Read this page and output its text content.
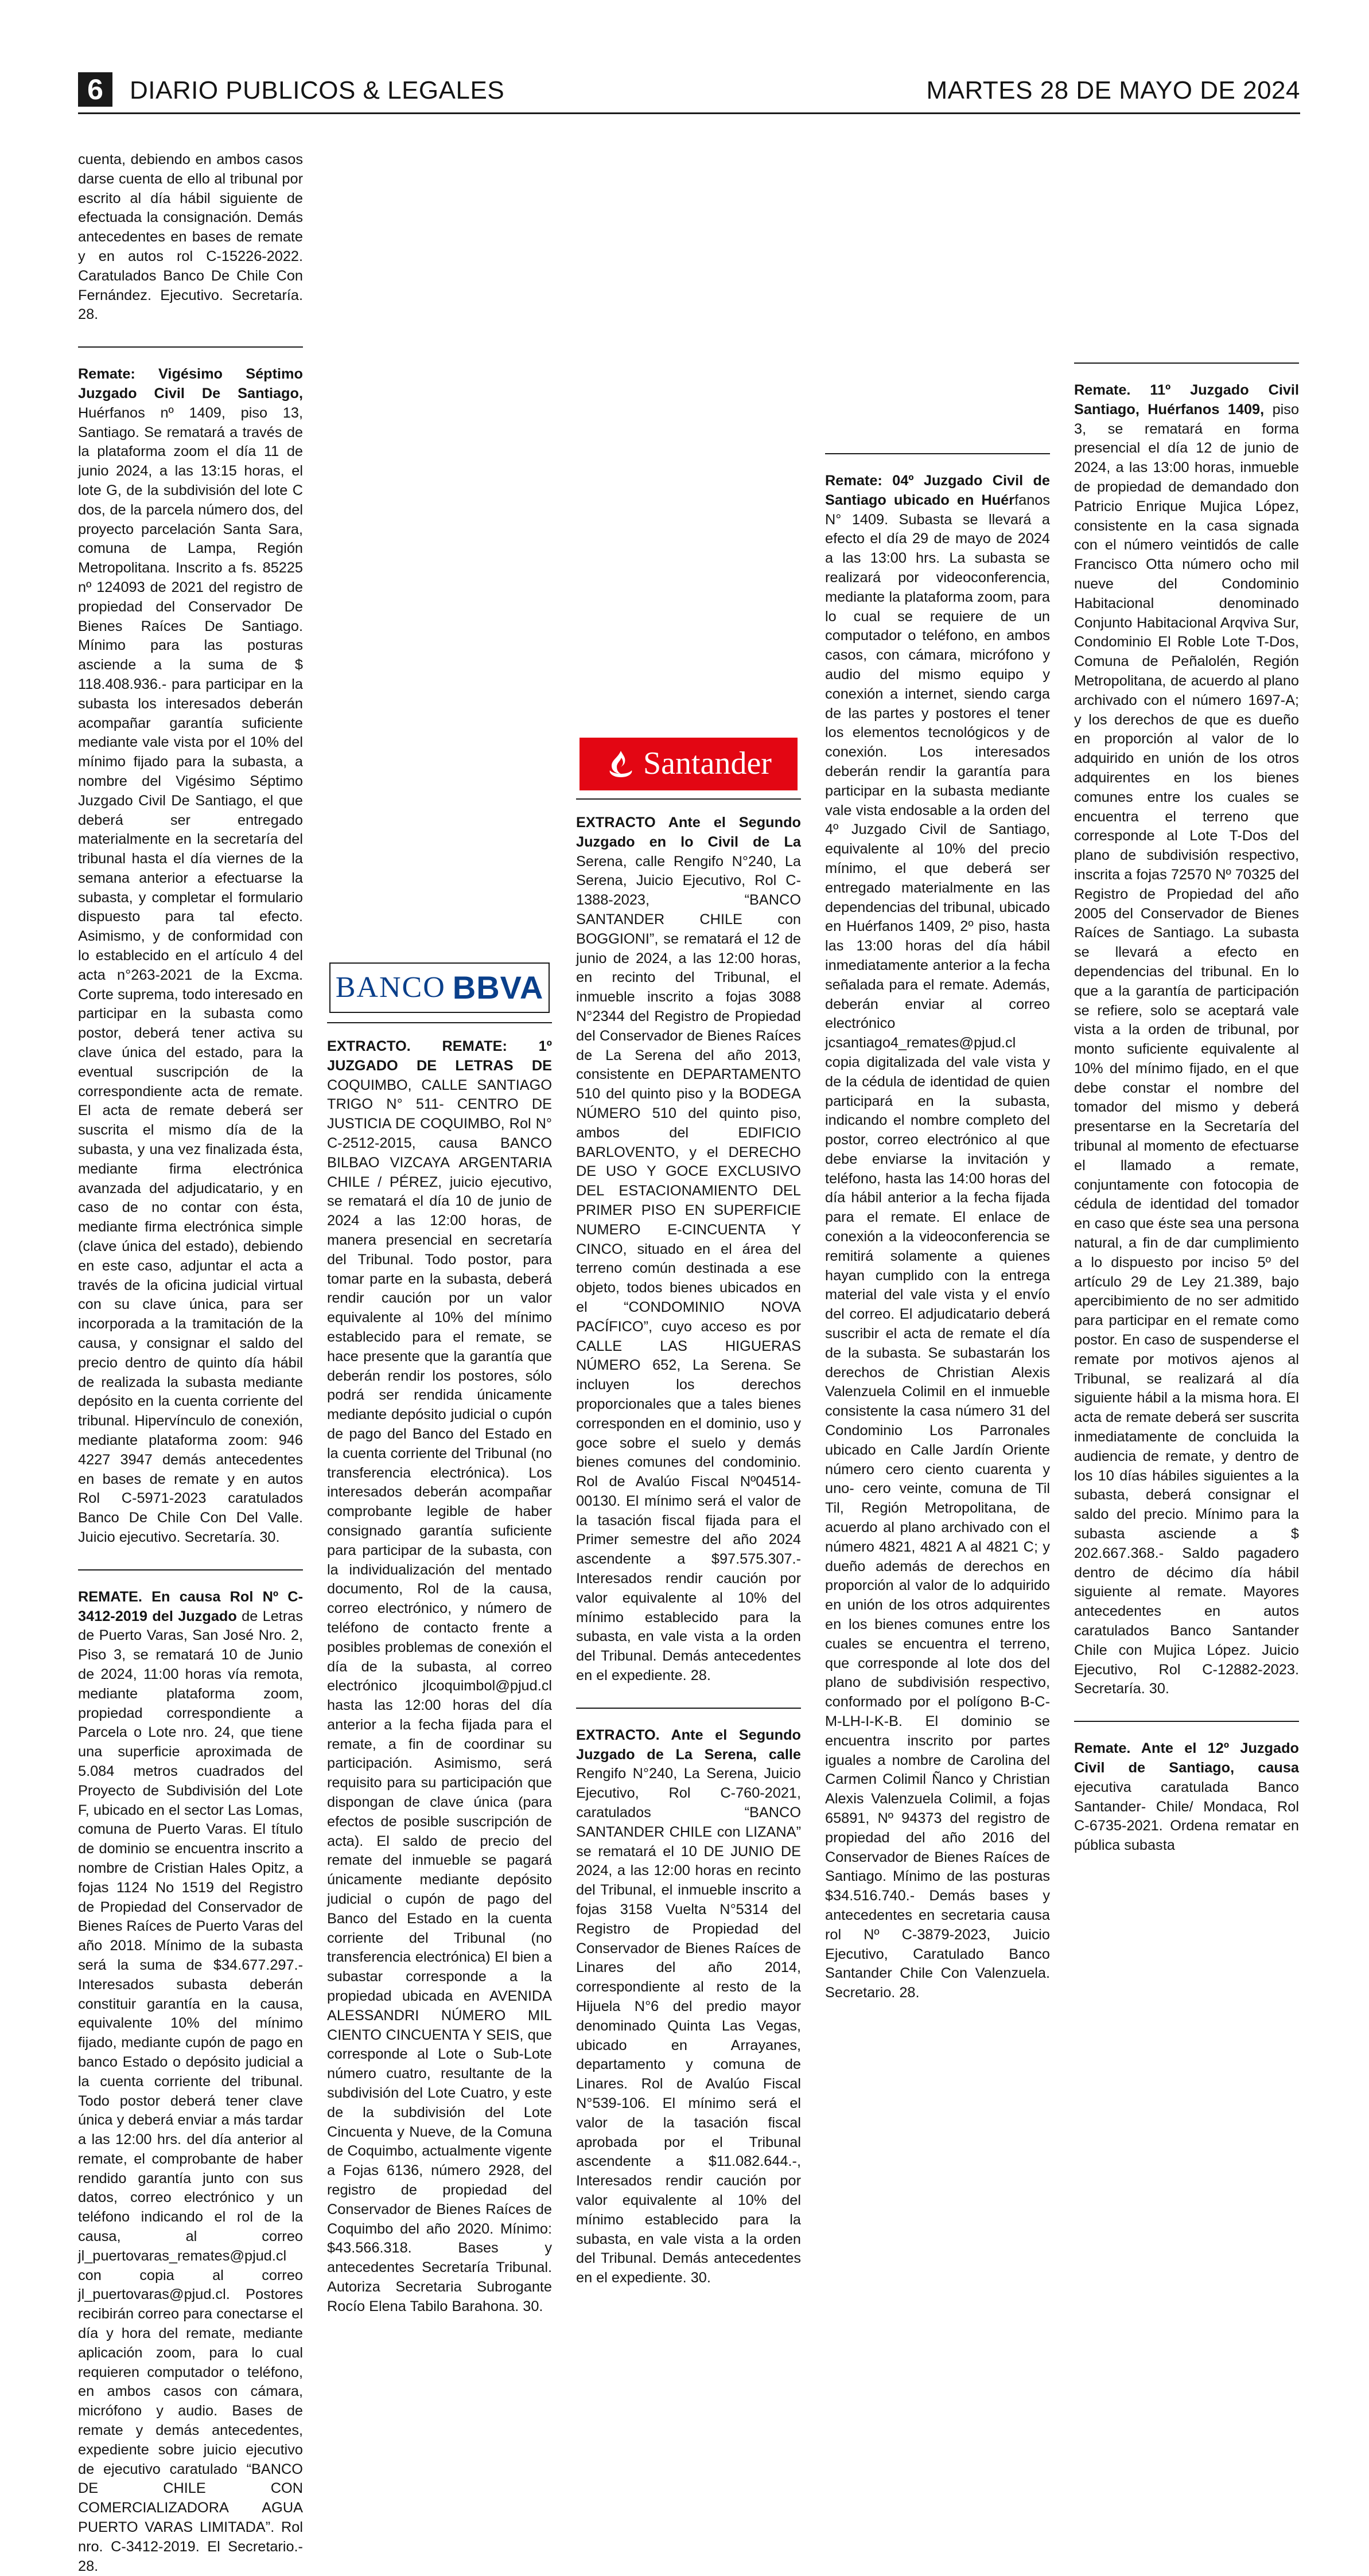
6	DIARIO PUBLICOS & LEGALES	MARTES 28 DE MAYO DE 2024

cuenta, debiendo en ambos casos darse cuenta de ello al tribunal por escrito al día hábil siguiente de efectuada la consignación. Demás antecedentes en bases de remate y en autos rol C-15226-2022. Caratulados Banco De Chile Con Fernández. Ejecutivo. Secretaría. 28.

Remate: Vigésimo Séptimo Juzgado Civil De Santiago, Huérfanos nº 1409, piso 13, Santiago. Se rematará a través de la plataforma zoom el día 11 de junio 2024, a las 13:15 horas, el lote G, de la subdivisión del lote C dos, de la parcela número dos, del proyecto parcelación Santa Sara, comuna de Lampa, Región Metropolitana. Inscrito a fs. 85225 nº 124093 de 2021 del registro de propiedad del Conservador De Bienes Raíces De Santiago. Mínimo para las posturas asciende a la suma de $ 118.408.936.- para participar en la subasta los interesados deberán acompañar garantía suficiente mediante vale vista por el 10% del mínimo fijado para la subasta, a nombre del Vigésimo Séptimo Juzgado Civil De Santiago, el que deberá ser entregado materialmente en la secretaría del tribunal hasta el día viernes de la semana anterior a efectuarse la subasta, y completar el formulario dispuesto para tal efecto. Asimismo, y de conformidad con lo establecido en el artículo 4 del acta n°263-2021 de la Excma. Corte suprema, todo interesado en participar en la subasta como postor, deberá tener activa su clave única del estado, para la eventual suscripción de la correspondiente acta de remate. El acta de remate deberá ser suscrita el mismo día de la subasta, y una vez finalizada ésta, mediante firma electrónica avanzada del adjudicatario, y en caso de no contar con ésta, mediante firma electrónica simple (clave única del estado), debiendo en este caso, adjuntar el acta a través de la oficina judicial virtual con su clave única, para ser incorporada a la tramitación de la causa, y consignar el saldo del precio dentro de quinto día hábil de realizada la subasta mediante depósito en la cuenta corriente del tribunal. Hipervínculo de conexión, mediante plataforma zoom: 946 4227 3947 demás antecedentes en bases de remate y en autos Rol C-5971-2023 caratulados Banco De Chile Con Del Valle. Juicio ejecutivo. Secretaría. 30.

REMATE. En causa Rol Nº C-3412-2019 del Juzgado de Letras de Puerto Varas, San José Nro. 2, Piso 3, se rematará 10 de Junio de 2024, 11:00 horas vía remota, mediante plataforma zoom, propiedad correspondiente a Parcela o Lote nro. 24, que tiene una superficie aproximada de 5.084 metros cuadrados del Proyecto de Subdivisión del Lote F, ubicado en el sector Las Lomas, comuna de Puerto Varas. El título de dominio se encuentra inscrito a nombre de Cristian Hales Opitz, a fojas 1124 No 1519 del Registro de Propiedad del Conservador de Bienes Raíces de Puerto Varas del año 2018. Mínimo de la subasta será la suma de $34.677.297.- Interesados subasta deberán constituir garantía en la causa, equivalente 10% del mínimo fijado, mediante cupón de pago en banco Estado o depósito judicial a la cuenta corriente del tribunal. Todo postor deberá tener clave única y deberá enviar a más tardar a las 12:00 hrs. del día anterior al remate, el comprobante de haber rendido garantía junto con sus datos, correo electrónico y un teléfono indicando el rol de la causa, al correo jl_puertovaras_remates@pjud.cl con copia al correo jl_puertovaras@pjud.cl. Postores recibirán correo para conectarse el día y hora del remate, mediante aplicación zoom, para lo cual requieren computador o teléfono, en ambos casos con cámara, micrófono y audio. Bases de remate y demás antecedentes, expediente sobre juicio ejecutivo de ejecutivo caratulado “BANCO DE CHILE CON COMERCIALIZADORA AGUA PUERTO VARAS LIMITADA”. Rol nro. C-3412-2019. El Secretario.- 28.

BANCO BBVA

EXTRACTO. REMATE: 1º JUZGADO DE LETRAS DE COQUIMBO, CALLE SANTIAGO TRIGO N° 511- CENTRO DE JUSTICIA DE COQUIMBO, Rol N° C-2512-2015, causa BANCO BILBAO VIZCAYA ARGENTARIA CHILE / PÉREZ, juicio ejecutivo, se rematará el día 10 de junio de 2024 a las 12:00 horas, de manera presencial en secretaría del Tribunal. Todo postor, para tomar parte en la subasta, deberá rendir caución por un valor equivalente al 10% del mínimo establecido para el remate, se hace presente que la garantía que deberán rendir los postores, sólo podrá ser rendida únicamente mediante depósito judicial o cupón de pago del Banco del Estado en la cuenta corriente del Tribunal (no transferencia electrónica). Los interesados deberán acompañar comprobante legible de haber consignado garantía suficiente para participar de la subasta, con la individualización del mentado documento, Rol de la causa, correo electrónico, y número de teléfono de contacto frente a posibles problemas de conexión el día de la subasta, al correo electrónico jlcoquimbol@pjud.cl hasta las 12:00 horas del día anterior a la fecha fijada para el remate, a fin de coordinar su participación. Asimismo, será requisito para su participación que dispongan de clave única (para efectos de posible suscripción de acta). El saldo de precio del remate del inmueble se pagará únicamente mediante depósito judicial o cupón de pago del Banco del Estado en la cuenta corriente del Tribunal (no transferencia electrónica) El bien a subastar corresponde a la propiedad ubicada en AVENIDA ALESSANDRI NÚMERO MIL CIENTO CINCUENTA Y SEIS, que corresponde al Lote o Sub-Lote número cuatro, resultante de la subdivisión del Lote Cuatro, y este de la subdivisión del Lote Cincuenta y Nueve, de la Comuna de Coquimbo, actualmente vigente a Fojas 6136, número 2928, del registro de propiedad del Conservador de Bienes Raíces de Coquimbo del año 2020. Mínimo: $43.566.318. Bases y antecedentes Secretaría Tribunal. Autoriza Secretaria Subrogante Rocío Elena Tabilo Barahona. 30.

Santander

EXTRACTO Ante el Segundo Juzgado en lo Civil de La Serena, calle Rengifo N°240, La Serena, Juicio Ejecutivo, Rol C-1388-2023, “BANCO SANTANDER CHILE con BOGGIONI”, se rematará el 12 de junio de 2024, a las 12:00 horas, en recinto del Tribunal, el inmueble inscrito a fojas 3088 N°2344 del Registro de Propiedad del Conservador de Bienes Raíces de La Serena del año 2013, consistente en DEPARTAMENTO 510 del quinto piso y la BODEGA NÚMERO 510 del quinto piso, ambos del EDIFICIO BARLOVENTO, y el DERECHO DE USO Y GOCE EXCLUSIVO DEL ESTACIONAMIENTO DEL PRIMER PISO EN SUPERFICIE NUMERO E-CINCUENTA Y CINCO, situado en el área del terreno común destinada a ese objeto, todos bienes ubicados en el “CONDOMINIO NOVA PACÍFICO”, cuyo acceso es por CALLE LAS HIGUERAS NÚMERO 652, La Serena. Se incluyen los derechos proporcionales que a tales bienes corresponden en el dominio, uso y goce sobre el suelo y demás bienes comunes del condominio. Rol de Avalúo Fiscal Nº04514-00130. El mínimo será el valor de la tasación fiscal fijada para el Primer semestre del año 2024 ascendente a $97.575.307.- Interesados rendir caución por valor equivalente al 10% del mínimo establecido para la subasta, en vale vista a la orden del Tribunal. Demás antecedentes en el expediente. 28.

EXTRACTO. Ante el Segundo Juzgado de La Serena, calle Rengifo N°240, La Serena, Juicio Ejecutivo, Rol C-760-2021, caratulados “BANCO SANTANDER CHILE con LIZANA” se rematará el 10 DE JUNIO DE 2024, a las 12:00 horas en recinto del Tribunal, el inmueble inscrito a fojas 3158 Vuelta N°5314 del Registro de Propiedad del Conservador de Bienes Raíces de Linares del año 2014, correspondiente al resto de la Hijuela N°6 del predio mayor denominado Quinta Las Vegas, ubicado en Arrayanes, departamento y comuna de Linares. Rol de Avalúo Fiscal N°539-106. El mínimo será el valor de la tasación fiscal aprobada por el Tribunal ascendente a $11.082.644.-, Interesados rendir caución por valor equivalente al 10% del mínimo establecido para la subasta, en vale vista a la orden del Tribunal. Demás antecedentes en el expediente. 30.

Remate: 04º Juzgado Civil de Santiago ubicado en Huérfanos N° 1409. Subasta se llevará a efecto el día 29 de mayo de 2024 a las 13:00 hrs. La subasta se realizará por videoconferencia, mediante la plataforma zoom, para lo cual se requiere de un computador o teléfono, en ambos casos, con cámara, micrófono y audio del mismo equipo y conexión a internet, siendo carga de las partes y postores el tener los elementos tecnológicos y de conexión. Los interesados deberán rendir la garantía para participar en la subasta mediante vale vista endosable a la orden del 4º Juzgado Civil de Santiago, equivalente al 10% del precio mínimo, el que deberá ser entregado materialmente en las dependencias del tribunal, ubicado en Huérfanos 1409, 2º piso, hasta las 13:00 horas del día hábil inmediatamente anterior a la fecha señalada para el remate. Además, deberán enviar al correo electrónico jcsantiago4_remates@pjud.cl copia digitalizada del vale vista y de la cédula de identidad de quien participará en la subasta, indicando el nombre completo del postor, correo electrónico al que debe enviarse la invitación y teléfono, hasta las 14:00 horas del día hábil anterior a la fecha fijada para el remate. El enlace de conexión a la videoconferencia se remitirá solamente a quienes hayan cumplido con la entrega material del vale vista y el envío del correo. El adjudicatario deberá suscribir el acta de remate el día de la subasta. Se subastarán los derechos de Christian Alexis Valenzuela Colimil en el inmueble consistente la casa número 31 del Condominio Los Parronales ubicado en Calle Jardín Oriente número cero ciento cuarenta y uno- cero veinte, comuna de Til Til, Región Metropolitana, de acuerdo al plano archivado con el número 4821, 4821 A al 4821 C; y dueño además de derechos en proporción al valor de lo adquirido en unión de los otros adquirentes en los bienes comunes entre los cuales se encuentra el terreno, que corresponde al lote dos del plano de subdivisión respectivo, conformado por el polígono B-C-M-LH-I-K-B. El dominio se encuentra inscrito por partes iguales a nombre de Carolina del Carmen Colimil Ñanco y Christian Alexis Valenzuela Colimil, a fojas 65891, Nº 94373 del registro de propiedad del año 2016 del Conservador de Bienes Raíces de Santiago. Mínimo de las posturas $34.516.740.- Demás bases y antecedentes en secretaria causa rol Nº C-3879-2023, Juicio Ejecutivo, Caratulado Banco Santander Chile Con Valenzuela. Secretario. 28.

Remate. 11º Juzgado Civil Santiago, Huérfanos 1409, piso 3, se rematará en forma presencial el día 12 de junio de 2024, a las 13:00 horas, inmueble de propiedad de demandado don Patricio Enrique Mujica López, consistente en la casa signada con el número veintidós de calle Francisco Otta número ocho mil nueve del Condominio Habitacional denominado Conjunto Habitacional Arqviva Sur, Condominio El Roble Lote T-Dos, Comuna de Peñalolén, Región Metropolitana, de acuerdo al plano archivado con el número 1697-A; y los derechos de que es dueño en proporción al valor de lo adquirido en unión de los otros adquirentes en los bienes comunes entre los cuales se encuentra el terreno que corresponde al Lote T-Dos del plano de subdivisión respectivo, inscrita a fojas 72570 Nº 70325 del Registro de Propiedad del año 2005 del Conservador de Bienes Raíces de Santiago. La subasta se llevará a efecto en dependencias del tribunal. En lo que a la garantía de participación se refiere, solo se aceptará vale vista a la orden de tribunal, por monto suficiente equivalente al 10% del mínimo fijado, en el que debe constar el nombre del tomador del mismo y deberá presentarse en la Secretaría del tribunal al momento de efectuarse el llamado a remate, conjuntamente con fotocopia de cédula de identidad del tomador en caso que éste sea una persona natural, a fin de dar cumplimiento a lo dispuesto por inciso 5º del artículo 29 de Ley 21.389, bajo apercibimiento de no ser admitido para participar en el remate como postor. En caso de suspenderse el remate por motivos ajenos al Tribunal, se realizará al día siguiente hábil a la misma hora. El acta de remate deberá ser suscrita inmediatamente de concluida la audiencia de remate, y dentro de los 10 días hábiles siguientes a la subasta, deberá consignar el saldo del precio. Mínimo para la subasta asciende a $ 202.667.368.- Saldo pagadero dentro de décimo día hábil siguiente al remate. Mayores antecedentes en autos caratulados Banco Santander Chile con Mujica López. Juicio Ejecutivo, Rol C-12882-2023. Secretaría. 30.

Remate. Ante el 12º Juzgado Civil de Santiago, causa ejecutiva caratulada Banco Santander- Chile/ Mondaca, Rol C-6735-2021. Ordena rematar en pública subasta
